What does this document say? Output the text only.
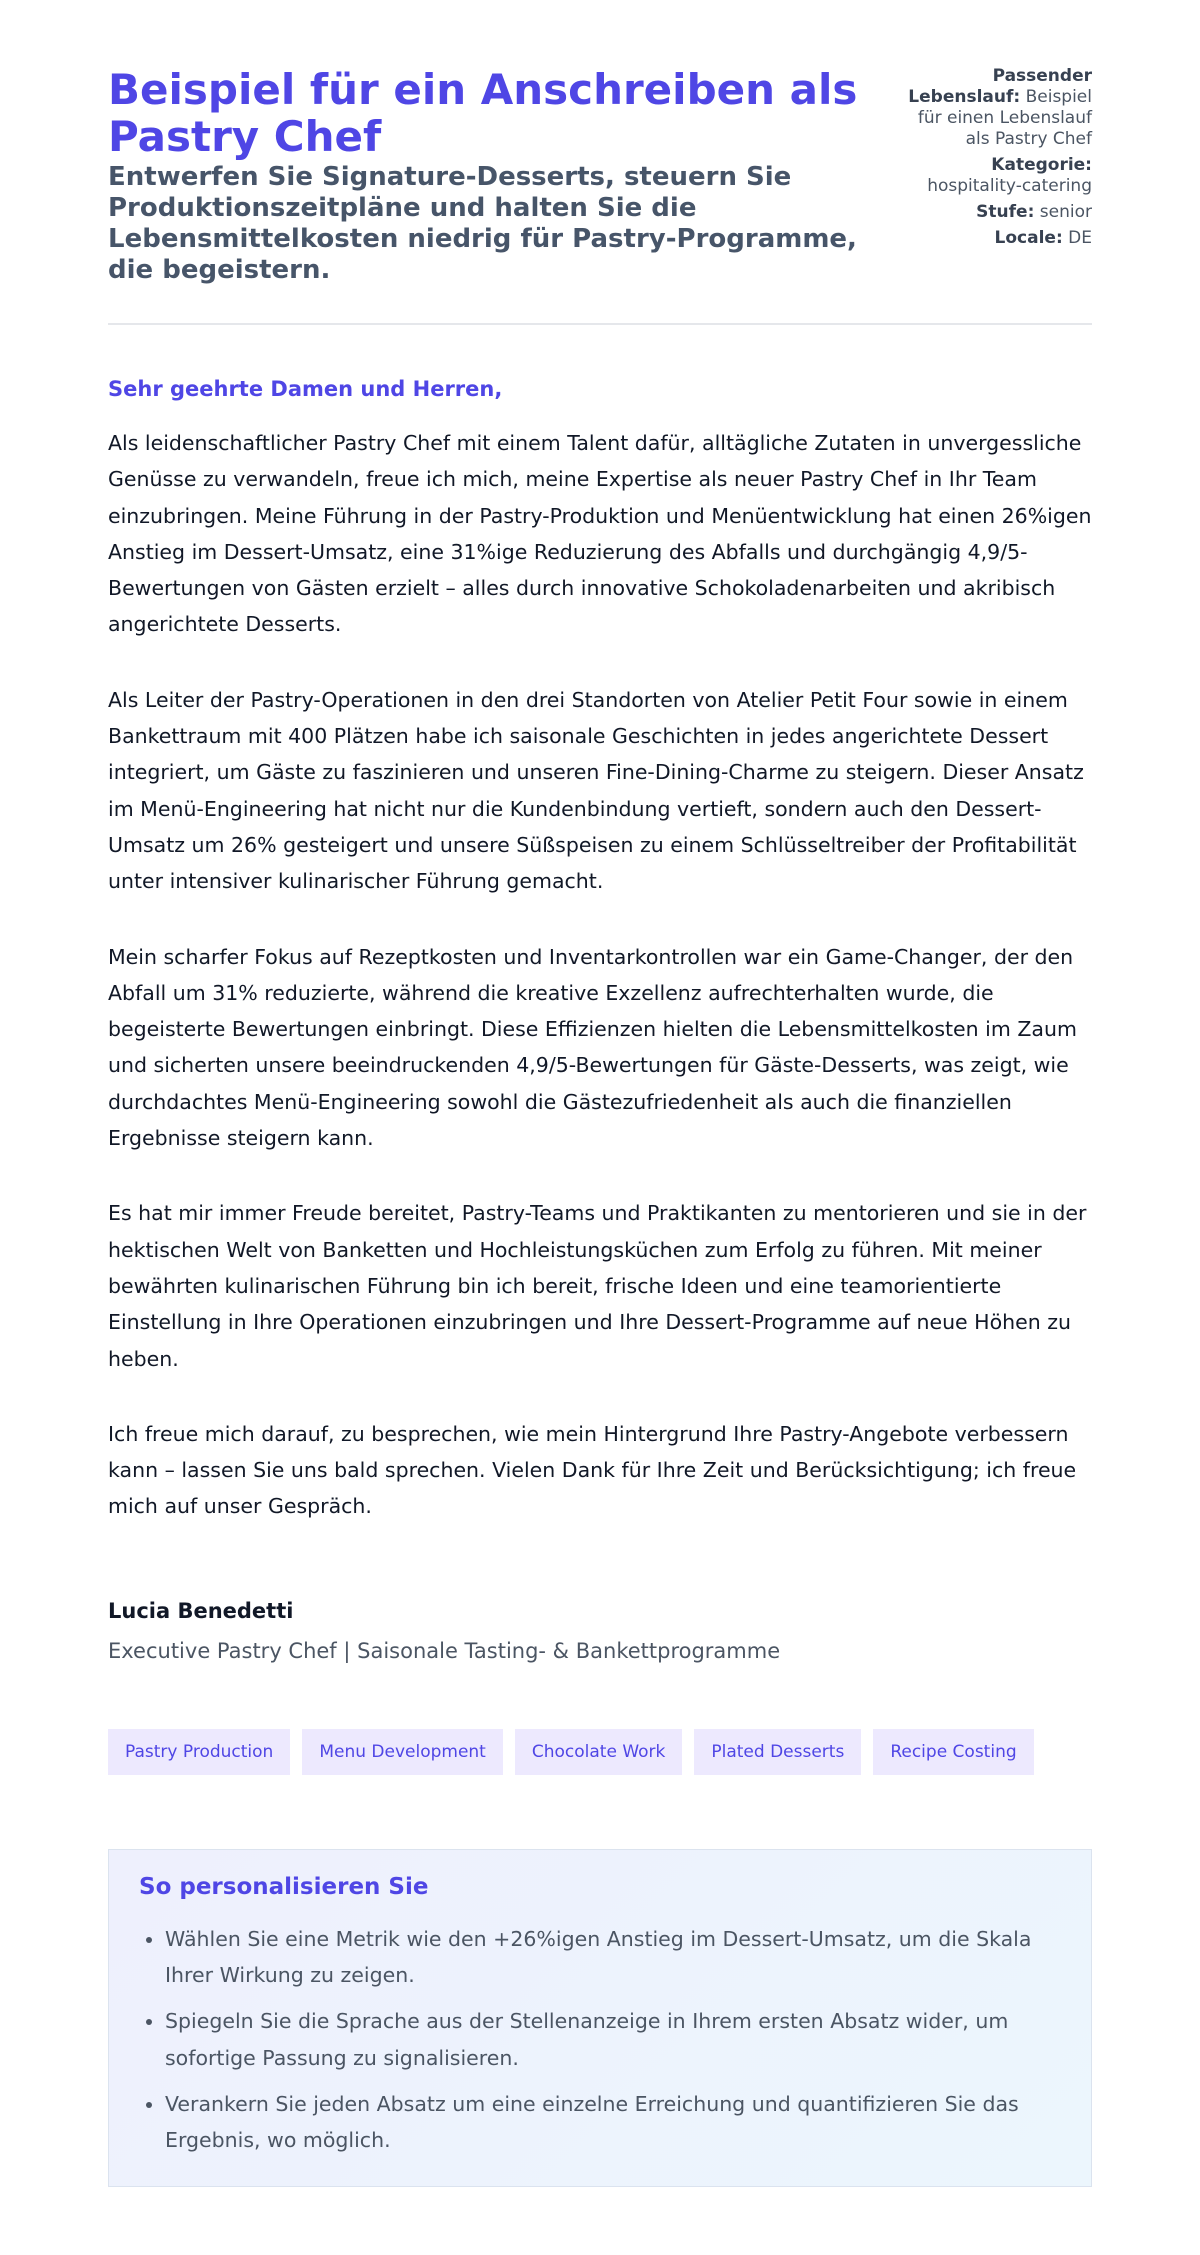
Beispiel für ein Anschreiben als Pastry Chef
Entwerfen Sie Signature-Desserts, steuern Sie Produktionszeitpläne und halten Sie die Lebensmittelkosten niedrig für Pastry-Programme, die begeistern.
Passender Lebenslauf: Beispiel für einen Lebenslauf als Pastry Chef
Kategorie: hospitality-catering
Stufe: senior
Locale: DE

Sehr geehrte Damen und Herren,

Als leidenschaftlicher Pastry Chef mit einem Talent dafür, alltägliche Zutaten in unvergessliche Genüsse zu verwandeln, freue ich mich, meine Expertise als neuer Pastry Chef in Ihr Team einzubringen. Meine Führung in der Pastry-Produktion und Menüentwicklung hat einen 26%igen Anstieg im Dessert-Umsatz, eine 31%ige Reduzierung des Abfalls und durchgängig 4,9/5-Bewertungen von Gästen erzielt – alles durch innovative Schokoladenarbeiten und akribisch angerichtete Desserts.

Als Leiter der Pastry-Operationen in den drei Standorten von Atelier Petit Four sowie in einem Bankettraum mit 400 Plätzen habe ich saisonale Geschichten in jedes angerichtete Dessert integriert, um Gäste zu faszinieren und unseren Fine-Dining-Charme zu steigern. Dieser Ansatz im Menü-Engineering hat nicht nur die Kundenbindung vertieft, sondern auch den Dessert-Umsatz um 26% gesteigert und unsere Süßspeisen zu einem Schlüsseltreiber der Profitabilität unter intensiver kulinarischer Führung gemacht.

Mein scharfer Fokus auf Rezeptkosten und Inventarkontrollen war ein Game-Changer, der den Abfall um 31% reduzierte, während die kreative Exzellenz aufrechterhalten wurde, die begeisterte Bewertungen einbringt. Diese Effizienzen hielten die Lebensmittelkosten im Zaum und sicherten unsere beeindruckenden 4,9/5-Bewertungen für Gäste-Desserts, was zeigt, wie durchdachtes Menü-Engineering sowohl die Gästezufriedenheit als auch die finanziellen Ergebnisse steigern kann.

Es hat mir immer Freude bereitet, Pastry-Teams und Praktikanten zu mentorieren und sie in der hektischen Welt von Banketten und Hochleistungsküchen zum Erfolg zu führen. Mit meiner bewährten kulinarischen Führung bin ich bereit, frische Ideen und eine teamorientierte Einstellung in Ihre Operationen einzubringen und Ihre Dessert-Programme auf neue Höhen zu heben.

Ich freue mich darauf, zu besprechen, wie mein Hintergrund Ihre Pastry-Angebote verbessern kann – lassen Sie uns bald sprechen. Vielen Dank für Ihre Zeit und Berücksichtigung; ich freue mich auf unser Gespräch.

Lucia Benedetti
Executive Pastry Chef | Saisonale Tasting- & Bankettprogramme
Pastry Production	Menu Development	Chocolate Work	Plated Desserts	Recipe Costing
So personalisieren Sie
• Wählen Sie eine Metrik wie den +26%igen Anstieg im Dessert-Umsatz, um die Skala Ihrer Wirkung zu zeigen.
• Spiegeln Sie die Sprache aus der Stellenanzeige in Ihrem ersten Absatz wider, um sofortige Passung zu signalisieren.
• Verankern Sie jeden Absatz um eine einzelne Erreichung und quantifizieren Sie das Ergebnis, wo möglich.
